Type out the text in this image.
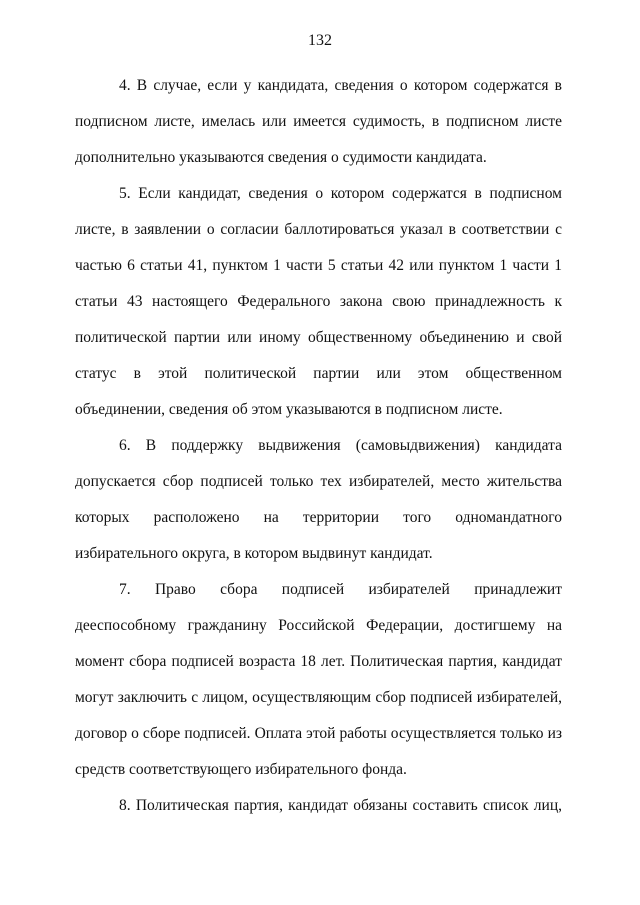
132

4. В случае, если у кандидата, сведения о котором содержатся в подписном листе, имелась или имеется судимость, в подписном листе дополнительно указываются сведения о судимости кандидата.

5. Если кандидат, сведения о котором содержатся в подписном листе, в заявлении о согласии баллотироваться указал в соответствии с частью 6 статьи 41, пунктом 1 части 5 статьи 42 или пунктом 1 части 1 статьи 43 настоящего Федерального закона свою принадлежность к политической партии или иному общественному объединению и свой статус в этой политической партии или этом общественном объединении, сведения об этом указываются в подписном листе.

6. В поддержку выдвижения (самовыдвижения) кандидата допускается сбор подписей только тех избирателей, место жительства которых расположено на территории того одномандатного избирательного округа, в котором выдвинут кандидат.

7. Право сбора подписей избирателей принадлежит дееспособному гражданину Российской Федерации, достигшему на момент сбора подписей возраста 18 лет. Политическая партия, кандидат могут заключить с лицом, осуществляющим сбор подписей избирателей, договор о сборе подписей. Оплата этой работы осуществляется только из средств соответствующего избирательного фонда.

8. Политическая партия, кандидат обязаны составить список лиц,
